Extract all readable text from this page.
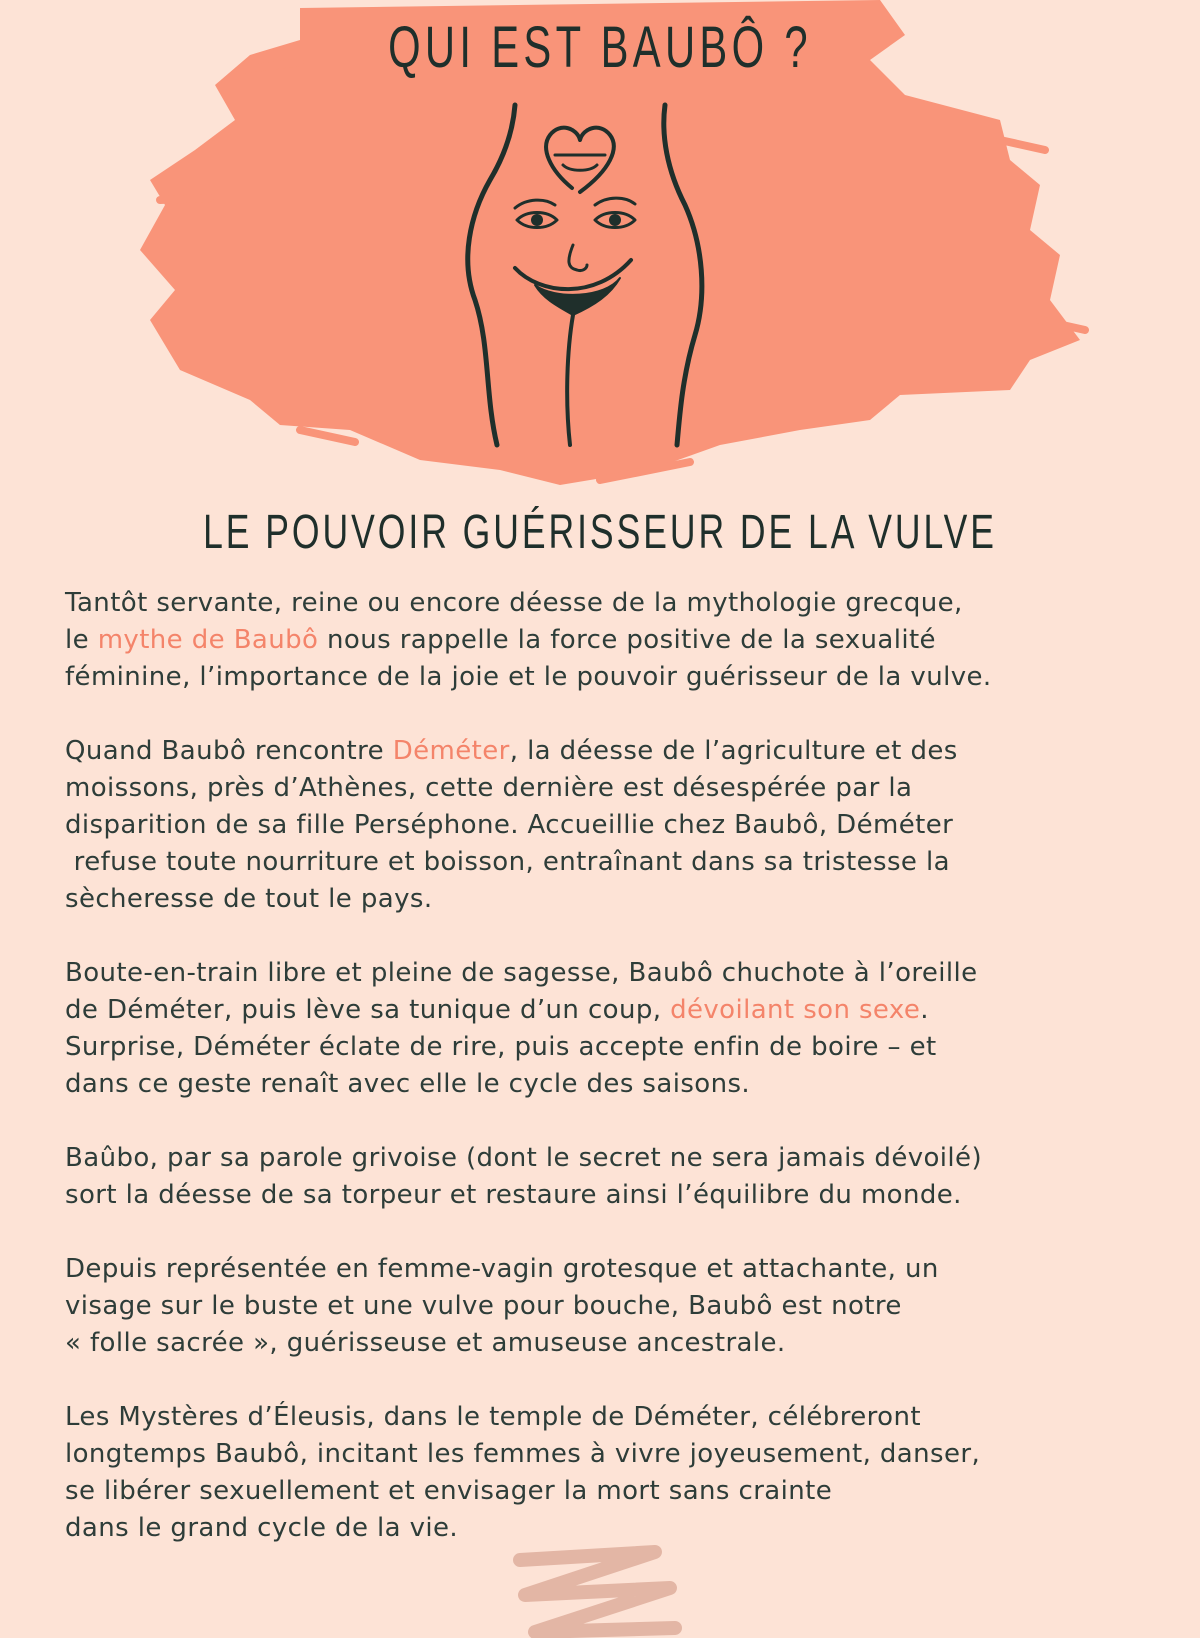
QUI EST BAUBÔ ?
LE POUVOIR GUÉRISSEUR DE LA VULVE

Tantôt servante, reine ou encore déesse de la mythologie grecque,
le mythe de Baubô nous rappelle la force positive de la sexualité
féminine, l’importance de la joie et le pouvoir guérisseur de la vulve.

Quand Baubô rencontre Déméter, la déesse de l’agriculture et des
moissons, près d’Athènes, cette dernière est désespérée par la
disparition de sa fille Perséphone. Accueillie chez Baubô, Déméter
refuse toute nourriture et boisson, entraînant dans sa tristesse la
sècheresse de tout le pays.

Boute-en-train libre et pleine de sagesse, Baubô chuchote à l’oreille
de Déméter, puis lève sa tunique d’un coup, dévoilant son sexe.
Surprise, Déméter éclate de rire, puis accepte enfin de boire – et
dans ce geste renaît avec elle le cycle des saisons.

Baûbo, par sa parole grivoise (dont le secret ne sera jamais dévoilé)
sort la déesse de sa torpeur et restaure ainsi l’équilibre du monde.

Depuis représentée en femme-vagin grotesque et attachante, un
visage sur le buste et une vulve pour bouche, Baubô est notre
« folle sacrée », guérisseuse et amuseuse ancestrale.

Les Mystères d’Éleusis, dans le temple de Déméter, célébreront
longtemps Baubô, incitant les femmes à vivre joyeusement, danser,
se libérer sexuellement et envisager la mort sans crainte
dans le grand cycle de la vie.
